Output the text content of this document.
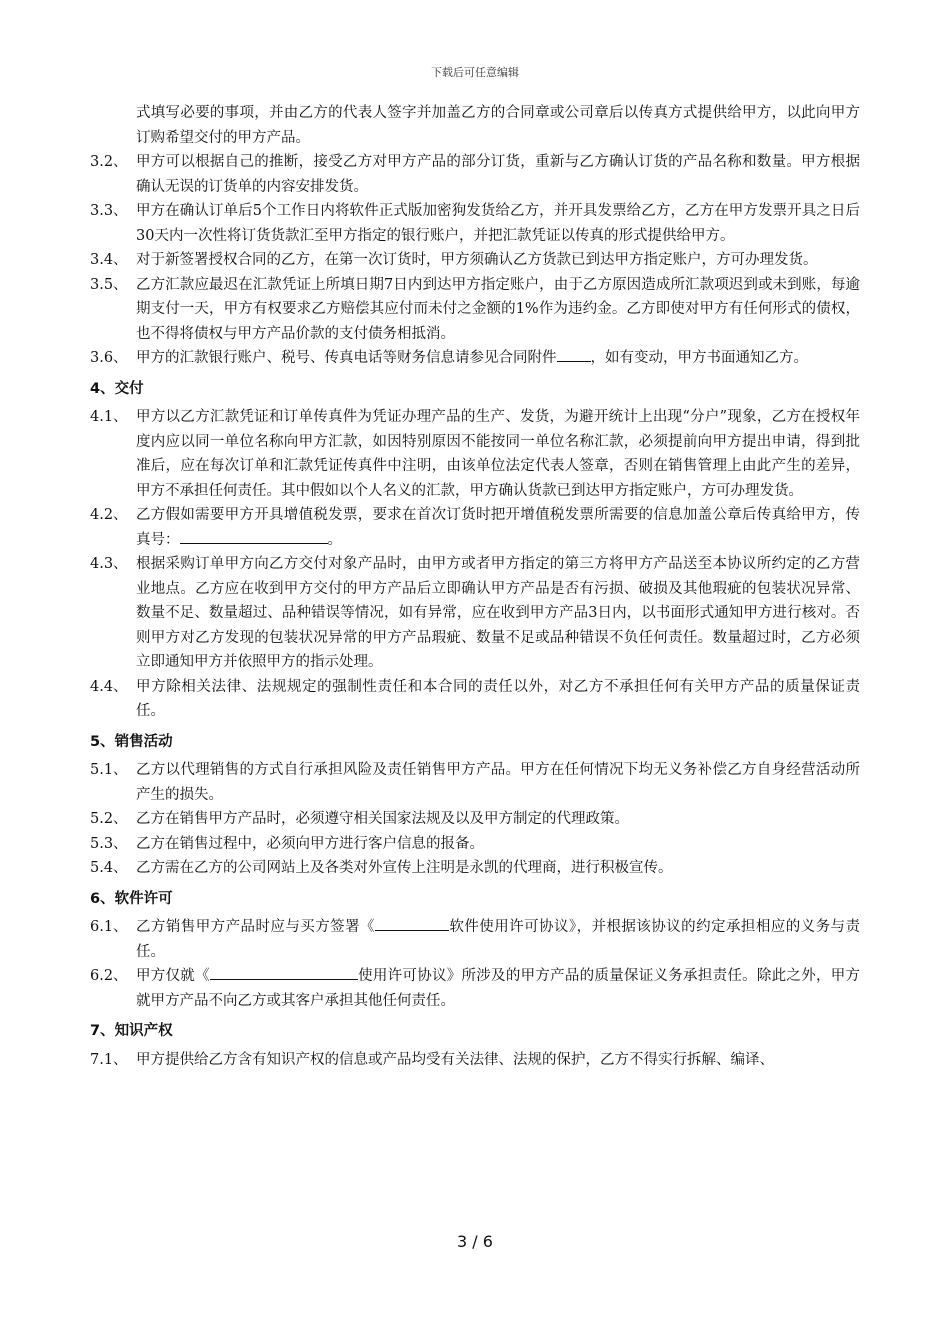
下载后可任意编辑
式填写必要的事项，并由乙方的代表人签字并加盖乙方的合同章或公司章后以传真方式提供给甲方，以此向甲方订购希望交付的甲方产品。
3.2、 甲方可以根据自己的推断，接受乙方对甲方产品的部分订货，重新与乙方确认订货的产品名称和数量。甲方根据确认无误的订货单的内容安排发货。
3.3、 甲方在确认订单后5个工作日内将软件正式版加密狗发货给乙方，并开具发票给乙方，乙方在甲方发票开具之日后30天内一次性将订货货款汇至甲方指定的银行账户，并把汇款凭证以传真的形式提供给甲方。
3.4、 对于新签署授权合同的乙方，在第一次订货时，甲方须确认乙方货款已到达甲方指定账户，方可办理发货。
3.5、 乙方汇款应最迟在汇款凭证上所填日期7日内到达甲方指定账户，由于乙方原因造成所汇款项迟到或未到账，每逾期支付一天，甲方有权要求乙方赔偿其应付而未付之金额的1%作为违约金。乙方即使对甲方有任何形式的债权，也不得将债权与甲方产品价款的支付债务相抵消。
3.6、 甲方的汇款银行账户、税号、传真电话等财务信息请参见合同附件 ，如有变动，甲方书面通知乙方。
4、交付
4.1、 甲方以乙方汇款凭证和订单传真件为凭证办理产品的生产、发货，为避开统计上出现“分户”现象，乙方在授权年度内应以同一单位名称向甲方汇款，如因特别原因不能按同一单位名称汇款，必须提前向甲方提出申请，得到批准后，应在每次订单和汇款凭证传真件中注明，由该单位法定代表人签章，否则在销售管理上由此产生的差异，甲方不承担任何责任。其中假如以个人名义的汇款，甲方确认货款已到达甲方指定账户，方可办理发货。
4.2、 乙方假如需要甲方开具增值税发票，要求在首次订货时把开增值税发票所需要的信息加盖公章后传真给甲方，传真号：	。
4.3、 根据采购订单甲方向乙方交付对象产品时，由甲方或者甲方指定的第三方将甲方产品送至本协议所约定的乙方营业地点。乙方应在收到甲方交付的甲方产品后立即确认甲方产品是否有污损、破损及其他瑕疵的包装状况异常、数量不足、数量超过、品种错误等情况，如有异常，应在收到甲方产品3日内，以书面形式通知甲方进行核对。否则甲方对乙方发现的包装状况异常的甲方产品瑕疵、数量不足或品种错误不负任何责任。数量超过时，乙方必须立即通知甲方并依照甲方的指示处理。
4.4、 甲方除相关法律、法规规定的强制性责任和本合同的责任以外，对乙方不承担任何有关甲方产品的质量保证责任。
5、销售活动
5.1、 乙方以代理销售的方式自行承担风险及责任销售甲方产品。甲方在任何情况下均无义务补偿乙方自身经营活动所产生的损失。
5.2、 乙方在销售甲方产品时，必须遵守相关国家法规及以及甲方制定的代理政策。
5.3、 乙方在销售过程中，必须向甲方进行客户信息的报备。
5.4、 乙方需在乙方的公司网站上及各类对外宣传上注明是永凯的代理商，进行积极宣传。
6、软件许可
6.1、 乙方销售甲方产品时应与买方签署《	软件使用许可协议》，并根据该协议的约定承担相应的义务与责任。
6.2、 甲方仅就《	使用许可协议》所涉及的甲方产品的质量保证义务承担责任。除此之外，甲方就甲方产品不向乙方或其客户承担其他任何责任。
7、知识产权
7.1、 甲方提供给乙方含有知识产权的信息或产品均受有关法律、法规的保护，乙方不得实行拆解、编译、
3 / 6
